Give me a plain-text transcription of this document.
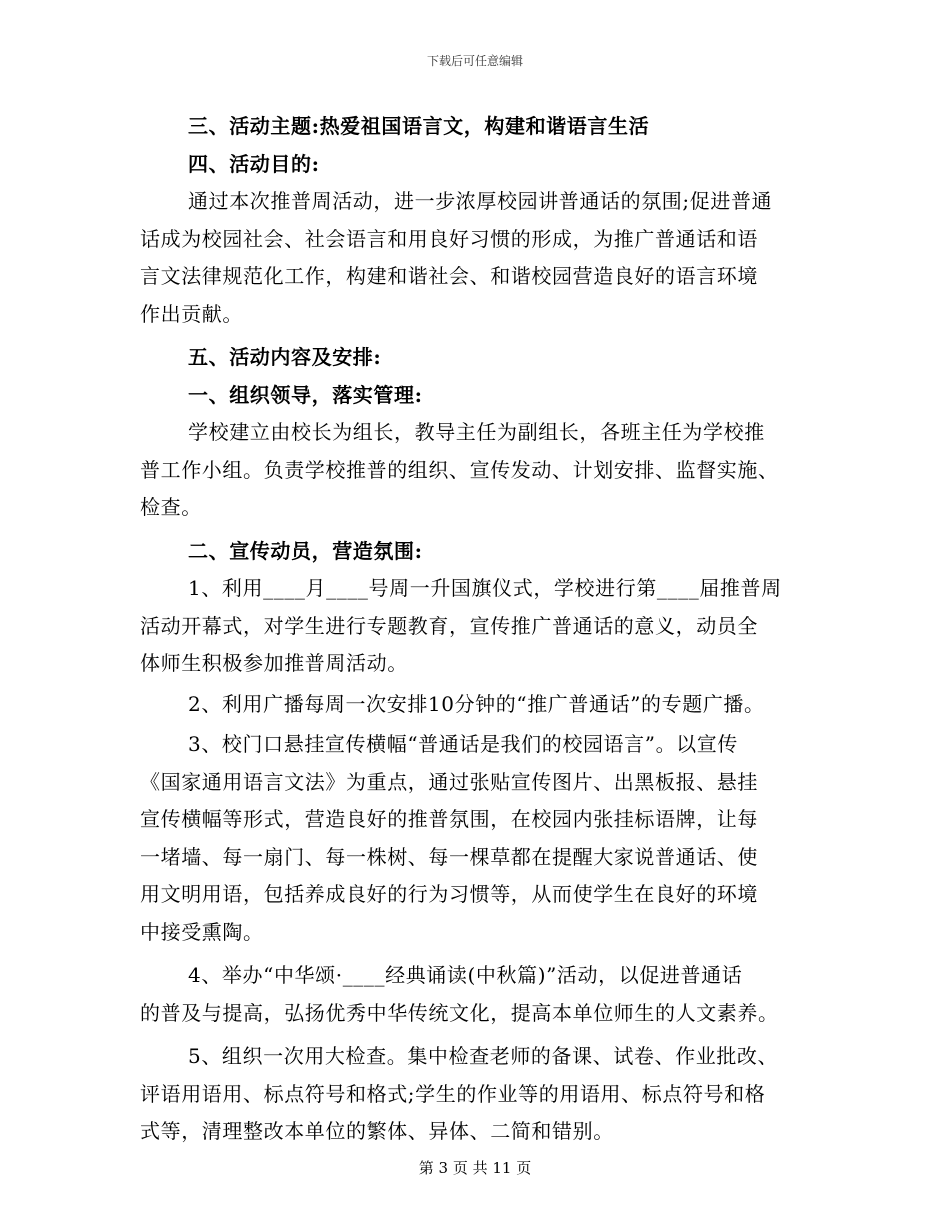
下载后可任意编辑
三、活动主题:热爱祖国语言文，构建和谐语言生活
四、活动目的:
通过本次推普周活动，进一步浓厚校园讲普通话的氛围;促进普通
话成为校园社会、社会语言和用良好习惯的形成，为推广普通话和语
言文法律规范化工作，构建和谐社会、和谐校园营造良好的语言环境
作出贡献。
五、活动内容及安排:
一、组织领导，落实管理:
学校建立由校长为组长，教导主任为副组长，各班主任为学校推
普工作小组。负责学校推普的组织、宣传发动、计划安排、监督实施、
检查。
二、宣传动员，营造氛围:
1、利用____月____号周一升国旗仪式，学校进行第____届推普周
活动开幕式，对学生进行专题教育，宣传推广普通话的意义，动员全
体师生积极参加推普周活动。
2、利用广播每周一次安排10分钟的“推广普通话”的专题广播。
3、校门口悬挂宣传横幅“普通话是我们的校园语言”。以宣传
《国家通用语言文法》为重点，通过张贴宣传图片、出黑板报、悬挂
宣传横幅等形式，营造良好的推普氛围，在校园内张挂标语牌，让每
一堵墙、每一扇门、每一株树、每一棵草都在提醒大家说普通话、使
用文明用语，包括养成良好的行为习惯等，从而使学生在良好的环境
中接受熏陶。
4、举办“中华颂·____经典诵读(中秋篇)”活动，以促进普通话
的普及与提高，弘扬优秀中华传统文化，提高本单位师生的人文素养。
5、组织一次用大检查。集中检查老师的备课、试卷、作业批改、
评语用语用、标点符号和格式;学生的作业等的用语用、标点符号和格
式等，清理整改本单位的繁体、异体、二简和错别。
第 3 页 共 11 页
